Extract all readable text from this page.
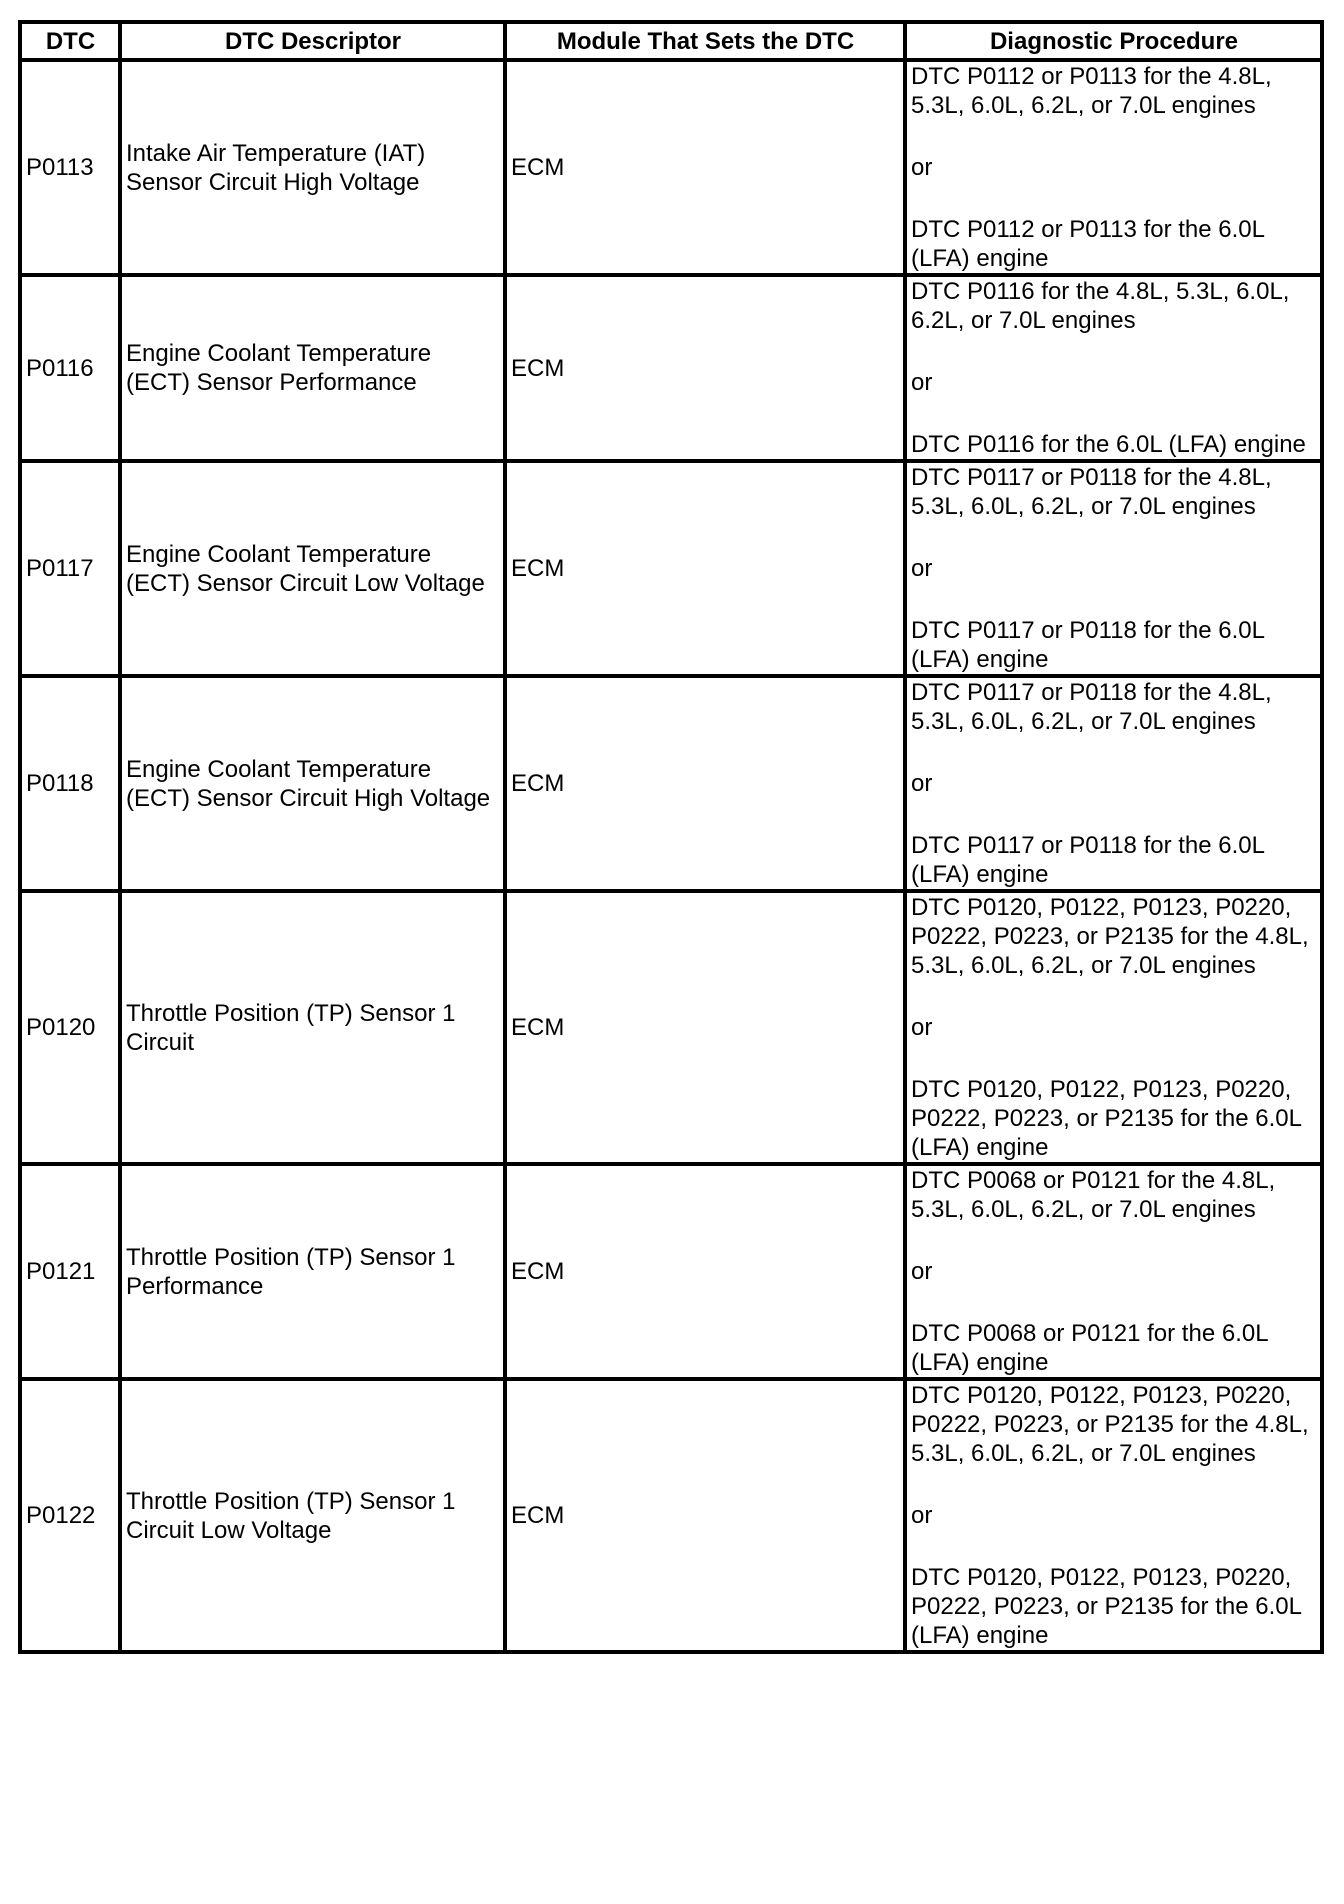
DTC	DTC Descriptor	Module That Sets the DTC	Diagnostic Procedure
P0113	Intake Air Temperature (IAT) Sensor Circuit High Voltage	ECM	DTC P0112 or P0113 for the 4.8L, 5.3L, 6.0L, 6.2L, or 7.0L engines
or
DTC P0112 or P0113 for the 6.0L (LFA) engine

P0116	Engine Coolant Temperature (ECT) Sensor Performance	ECM	DTC P0116 for the 4.8L, 5.3L, 6.0L, 6.2L, or 7.0L engines
or
DTC P0116 for the 6.0L (LFA) engine

P0117	Engine Coolant Temperature (ECT) Sensor Circuit Low Voltage	ECM	DTC P0117 or P0118 for the 4.8L, 5.3L, 6.0L, 6.2L, or 7.0L engines
or
DTC P0117 or P0118 for the 6.0L (LFA) engine

P0118	Engine Coolant Temperature (ECT) Sensor Circuit High Voltage	ECM	DTC P0117 or P0118 for the 4.8L, 5.3L, 6.0L, 6.2L, or 7.0L engines
or
DTC P0117 or P0118 for the 6.0L (LFA) engine

P0120	Throttle Position (TP) Sensor 1 Circuit	ECM	DTC P0120, P0122, P0123, P0220, P0222, P0223, or P2135 for the 4.8L, 5.3L, 6.0L, 6.2L, or 7.0L engines
or
DTC P0120, P0122, P0123, P0220, P0222, P0223, or P2135 for the 6.0L (LFA) engine

P0121	Throttle Position (TP) Sensor 1 Performance	ECM	DTC P0068 or P0121 for the 4.8L, 5.3L, 6.0L, 6.2L, or 7.0L engines
or
DTC P0068 or P0121 for the 6.0L (LFA) engine

P0122	Throttle Position (TP) Sensor 1 Circuit Low Voltage	ECM	DTC P0120, P0122, P0123, P0220, P0222, P0223, or P2135 for the 4.8L, 5.3L, 6.0L, 6.2L, or 7.0L engines
or
DTC P0120, P0122, P0123, P0220, P0222, P0223, or P2135 for the 6.0L (LFA) engine
